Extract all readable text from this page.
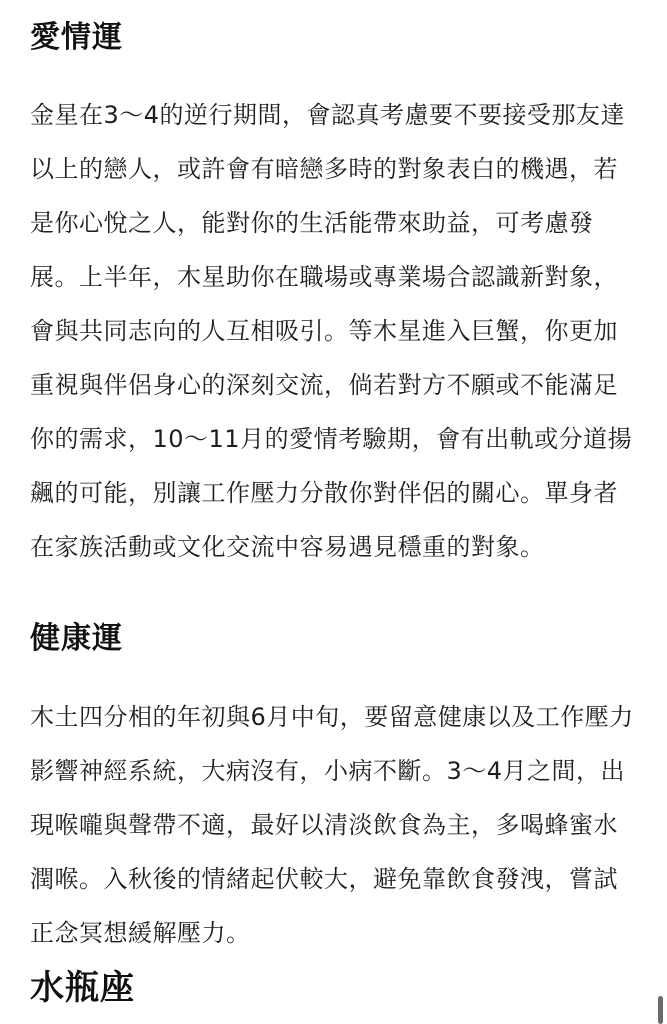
愛情運

金星在3～4的逆行期間，會認真考慮要不要接受那友達以上的戀人，或許會有暗戀多時的對象表白的機遇，若是你心悅之人，能對你的生活能帶來助益，可考慮發展。上半年，木星助你在職場或專業場合認識新對象，會與共同志向的人互相吸引。等木星進入巨蟹，你更加重視與伴侶身心的深刻交流，倘若對方不願或不能滿足你的需求，10～11月的愛情考驗期，會有出軌或分道揚飆的可能，別讓工作壓力分散你對伴侶的關心。單身者在家族活動或文化交流中容易遇見穩重的對象。

健康運

木土四分相的年初與6月中旬，要留意健康以及工作壓力影響神經系統，大病沒有，小病不斷。3～4月之間，出現喉嚨與聲帶不適，最好以清淡飲食為主，多喝蜂蜜水潤喉。入秋後的情緒起伏較大，避免靠飲食發洩，嘗試正念冥想緩解壓力。

水瓶座
